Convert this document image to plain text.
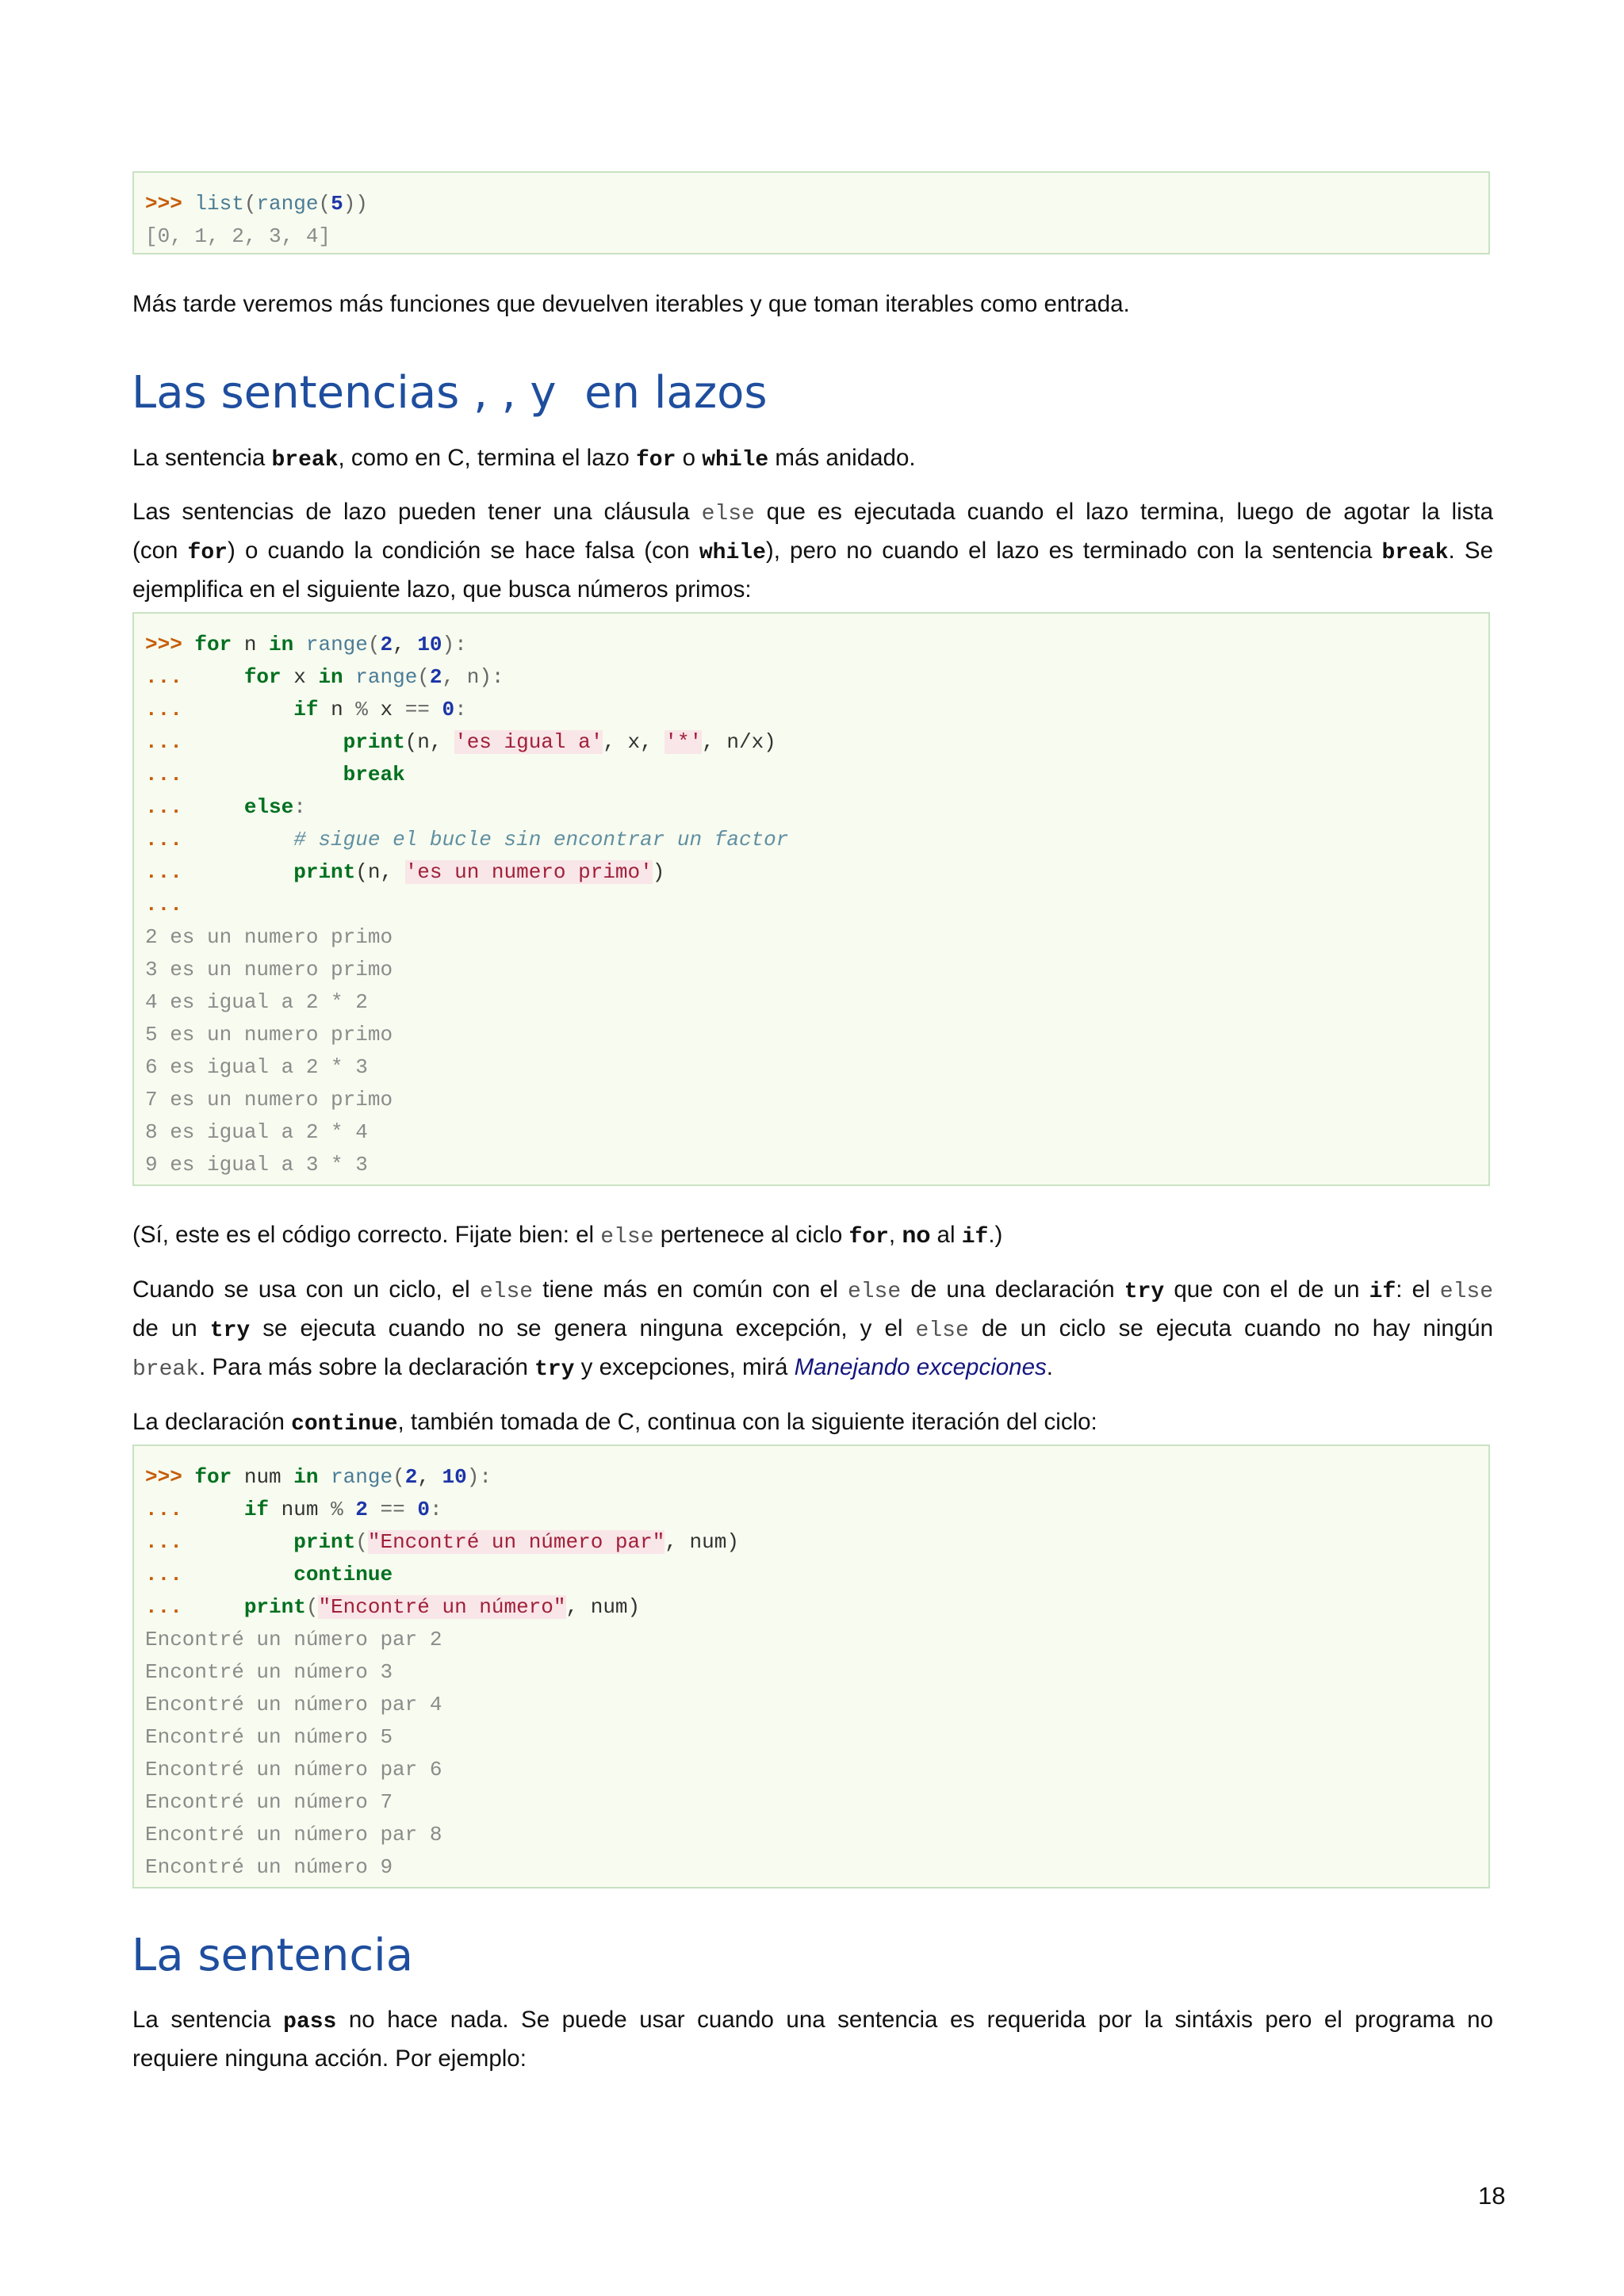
>>> list(range(5))

[0, 1, 2, 3, 4]

Más tarde veremos más funciones que devuelven iterables y que toman iterables como entrada.

Las sentencias , , y  en lazos

La sentencia break, como en C, termina el lazo for o while más anidado.

Las sentencias de lazo pueden tener una cláusula else que es ejecutada cuando el lazo termina, luego de agotar la lista

(con for) o cuando la condición se hace falsa (con while), pero no cuando el lazo es terminado con la sentencia break. Se

ejemplifica en el siguiente lazo, que busca números primos:

>>> for n in range(2, 10):

...	for x in range(2, n):

...	if n % x == 0:

...	print(n, 'es igual a', x, '*', n/x)

...	break

...	else:

...	# sigue el bucle sin encontrar un factor

...	print(n, 'es un numero primo')

...

2 es un numero primo

3 es un numero primo

4 es igual a 2 * 2

5 es un numero primo

6 es igual a 2 * 3

7 es un numero primo

8 es igual a 2 * 4

9 es igual a 3 * 3

(Sí, este es el código correcto. Fijate bien: el else pertenece al ciclo for, no al if.)

Cuando se usa con un ciclo, el else tiene más en común con el else de una declaración try que con el de un if: el else

de un try se ejecuta cuando no se genera ninguna excepción, y el else de un ciclo se ejecuta cuando no hay ningún

break. Para más sobre la declaración try y excepciones, mirá Manejando excepciones.

La declaración continue, también tomada de C, continua con la siguiente iteración del ciclo:

>>> for num in range(2, 10):

...	if num % 2 == 0:

...	print("Encontré un número par", num)

...	continue

...	print("Encontré un número", num)

Encontré un número par 2

Encontré un número 3

Encontré un número par 4

Encontré un número 5

Encontré un número par 6

Encontré un número 7

Encontré un número par 8

Encontré un número 9

La sentencia

La sentencia pass no hace nada. Se puede usar cuando una sentencia es requerida por la sintáxis pero el programa no

requiere ninguna acción. Por ejemplo:

18
